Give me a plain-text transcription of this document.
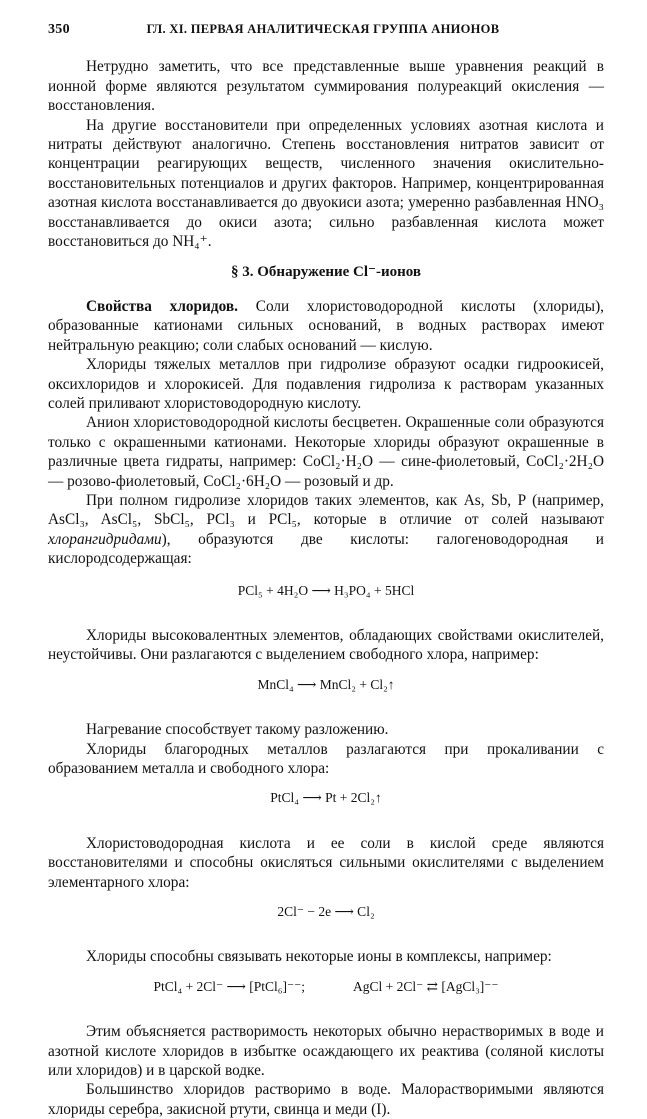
350	ГЛ. XI. ПЕРВАЯ АНАЛИТИЧЕСКАЯ ГРУППА АНИОНОВ

Нетрудно заметить, что все представленные выше уравнения реакций в ионной форме являются результатом суммирования полуреакций окисления — восстановления.

На другие восстановители при определенных условиях азотная кислота и нитраты действуют аналогично. Степень восстановления нитратов зависит от концентрации реагирующих веществ, численного значения окислительно-восстановительных потенциалов и других факторов. Например, концентрированная азотная кислота восстанавливается до двуокиси азота; умеренно разбавленная HNO₃ восстанавливается до окиси азота; сильно разбавленная кислота может восстановиться до NH₄⁺.

§ 3. Обнаружение Cl⁻-ионов

Свойства хлоридов. Соли хлористоводородной кислоты (хлориды), образованные катионами сильных оснований, в водных растворах имеют нейтральную реакцию; соли слабых оснований — кислую.

Хлориды тяжелых металлов при гидролизе образуют осадки гидроокисей, оксихлоридов и хлорокисей. Для подавления гидролиза к растворам указанных солей приливают хлористоводородную кислоту.

Анион хлористоводородной кислоты бесцветен. Окрашенные соли образуются только с окрашенными катионами. Некоторые хлориды образуют окрашенные в различные цвета гидраты, например: CoCl₂·H₂O — сине-фиолетовый, CoCl₂·2H₂O — розово-фиолетовый, CoCl₂·6H₂O — розовый и др.

При полном гидролизе хлоридов таких элементов, как As, Sb, P (например, AsCl₃, AsCl₅, SbCl₅, PCl₃ и PCl₅, которые в отличие от солей называют хлорангидридами), образуются две кислоты: галогеноводородная и кислородсодержащая:

PCl₅ + 4H₂O ⟶ H₃PO₄ + 5HCl

Хлориды высоковалентных элементов, обладающих свойствами окислителей, неустойчивы. Они разлагаются с выделением свободного хлора, например:

MnCl₄ ⟶ MnCl₂ + Cl₂↑

Нагревание способствует такому разложению.

Хлориды благородных металлов разлагаются при прокаливании с образованием металла и свободного хлора:

PtCl₄ ⟶ Pt + 2Cl₂↑

Хлористоводородная кислота и ее соли в кислой среде являются восстановителями и способны окисляться сильными окислителями с выделением элементарного хлора:

2Cl⁻ − 2e ⟶ Cl₂

Хлориды способны связывать некоторые ионы в комплексы, например:

PtCl₄ + 2Cl⁻ ⟶ [PtCl₆]⁻⁻;	AgCl + 2Cl⁻ ⇄ [AgCl₃]⁻⁻

Этим объясняется растворимость некоторых обычно нерастворимых в воде и азотной кислоте хлоридов в избытке осаждающего их реактива (соляной кислоты или хлоридов) и в царской водке.

Большинство хлоридов растворимо в воде. Малорастворимыми являются хлориды серебра, закисной ртути, свинца и меди (I).
